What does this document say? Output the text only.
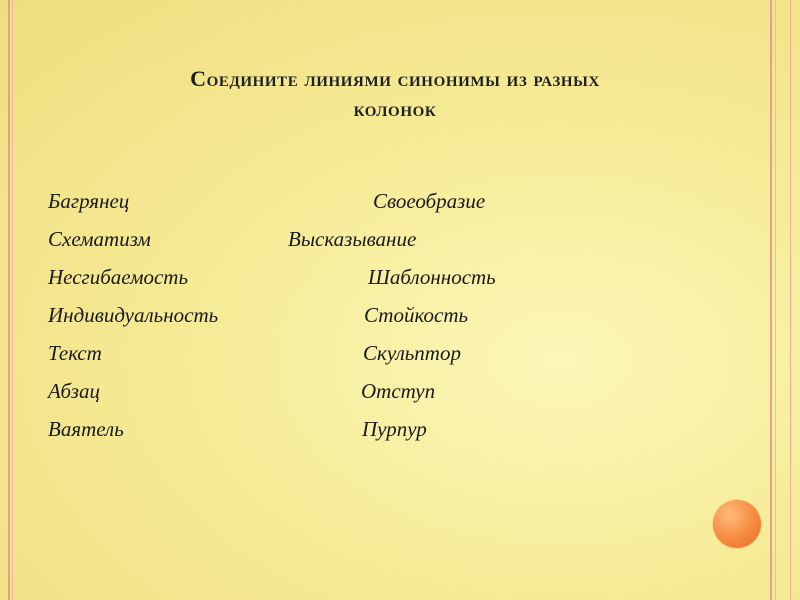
Соедините линиями синонимы из разных
колонок
Багрянец	Своеобразие
Схематизм	Высказывание
Несгибаемость	Шаблонность
Индивидуальность	Стойкость
Текст	Скульптор
Абзац	Отступ
Ваятель	Пурпур
